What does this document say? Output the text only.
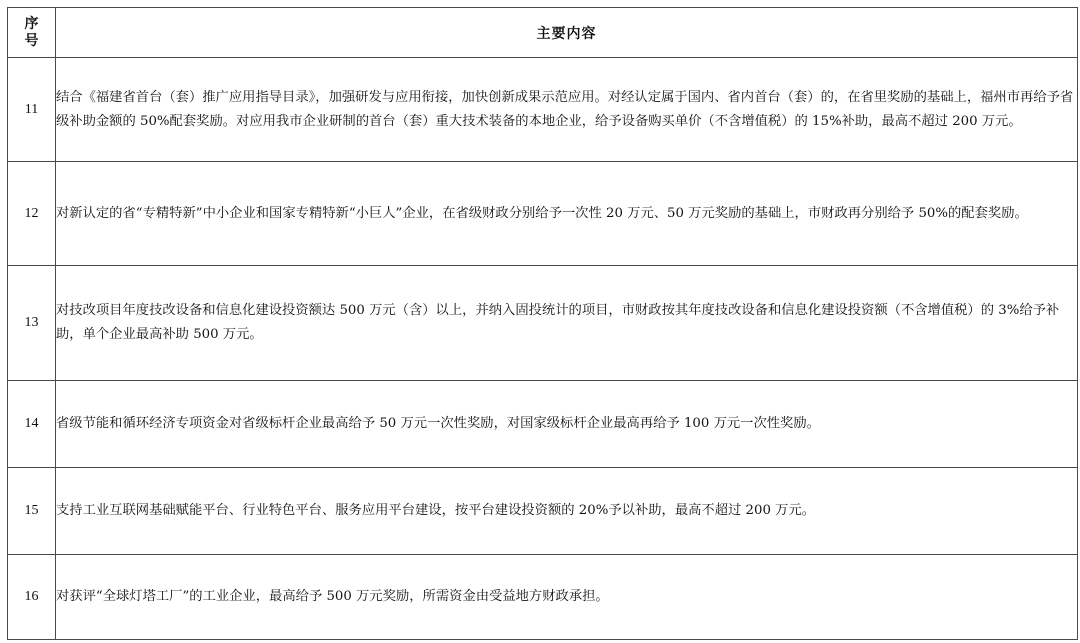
序
号	主要内容
11	结合《福建省首台（套）推广应用指导目录》，加强研发与应用衔接，加快创新成果示范应用。对经认定属于国内、省内首台（套）的，在省里奖励的基础上，福州市再给予省级补助金额的 50%配套奖励。对应用我市企业研制的首台（套）重大技术装备的本地企业，给予设备购买单价（不含增值税）的 15%补助，最高不超过 200 万元。
12	对新认定的省“专精特新”中小企业和国家专精特新“小巨人”企业，在省级财政分别给予一次性 20 万元、50 万元奖励的基础上，市财政再分别给予 50%的配套奖励。
13	对技改项目年度技改设备和信息化建设投资额达 500 万元（含）以上，并纳入固投统计的项目，市财政按其年度技改设备和信息化建设投资额（不含增值税）的 3%给予补助，单个企业最高补助 500 万元。
14	省级节能和循环经济专项资金对省级标杆企业最高给予 50 万元一次性奖励，对国家级标杆企业最高再给予 100 万元一次性奖励。
15	支持工业互联网基础赋能平台、行业特色平台、服务应用平台建设，按平台建设投资额的 20%予以补助，最高不超过 200 万元。
16	对获评“全球灯塔工厂”的工业企业，最高给予 500 万元奖励，所需资金由受益地方财政承担。
